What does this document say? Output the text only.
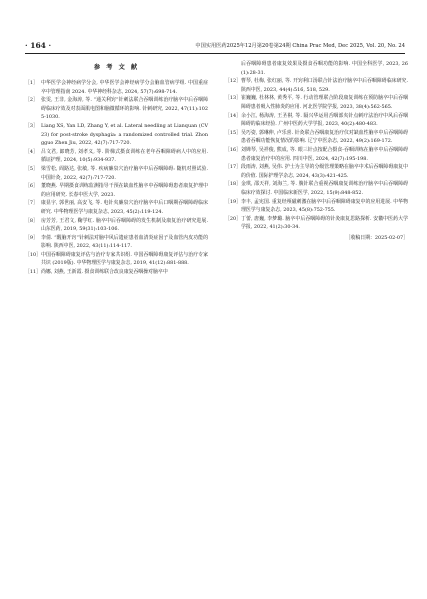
· 164 ·	中国实用医药2025年12月第20卷第24期 China Prac Med, Dec 2025, Vol. 20, No. 24
参 考 文 献
［1］ 中华医学会神经病学分会, 中华医学会神经病学分会脑血管病学组. 中国重症卒中管理指南 2024. 中华神经科杂志, 2024, 57(7):698-714.
［2］ 张雯, 王非, 金海涛, 等. “通关利窍”针刺法联合吞咽训练治疗脑卒中后吞咽障碍临床疗效及对表面肌电图和脑微循环的影响. 针刺研究, 2022, 47(11):1025-1030.
［3］ Liang XS, Yan LD, Zhang Y, et al. Lateral needling at Lianquan (CV 23) for post-stroke dysphagia: a randomized controlled trial. Zhongguo Zhen Jiu, 2022, 42(7):717-720.
［4］ 吕文君, 郎晓芳, 刘孝义, 等. 阶梯式摄食训练在老年吞咽障碍病人中的应用. 循证护理, 2024, 10(5):934-937.
［5］ 梁雪松, 阎路达, 张敏, 等. 疾病廉泉穴治疗脑卒中后吞咽障碍: 随机对照试验. 中国针灸, 2022, 42(7):717-720.
［6］ 董晓燕. 早期摄食训练监测指导干预在缺血性脑卒中吞咽障碍患者康复护理中的应用研究. 长春中医大学, 2023.
［7］ 康显宇, 郭世丽, 高安飞, 等. 电针夹廉泉穴治疗脑卒中后口咽期吞咽障碍临床研究. 中华物理医学与康复杂志, 2023, 45(2):119-124.
［8］ 房芳芳, 王君文, 鞠学红. 脑卒中后吞咽障碍的发生机制及康复治疗研究进展. 山东医药, 2019, 59(31):103-106.
［9］ 李倩. “醒脑开窍”针刺法对脑中风后遗症患者血清炎症因子及血管内皮功能的影响. 陕西中医, 2022, 43(11):114-117.
［10］ 中国吞咽障碍康复评估与治疗专家共识组. 中国吞咽障碍康复评估与治疗专家共识 (2019版). 中华物理医学与康复杂志, 2019, 41(12):881-888.
［11］ 尚娜, 刘燕, 王新霞. 摄食训练联合改良康复吞咽操对脑卒中
后吞咽障碍患者康复效果及摄食吞咽功能的影响. 中国全科医学, 2023, 26(1):28-31.
［12］ 曹琴, 杜梅, 张红丽, 等. 开窍利口汤联合针法治疗脑卒中后吞咽障碍临床研究. 陕西中医, 2023, 44(4):516, 518, 529.
［13］ 崔巍巍, 杜林林, 黄秀平, 等. 行动管理联合阶段康复训练在预防脑卒中后吞咽障碍患者吸入性肺炎的应用. 河北医学院学报, 2023, 38(4):562-565.
［14］ 余小江, 杨海涛, 王圣祺, 等. 隔兴华运用舌咽部夹针点刺疗法治疗中风后吞咽障碍的临床经验. 广州中医药大学学报, 2023, 40(2):480-483.
［15］ 吴巧姿, 郭琳伸, 卢乐喜. 针灸联合吞咽康复治疗仪对缺血性脑卒中后吞咽障碍患者吞咽功能恢复情况的影响. 辽宁中医杂志, 2022, 49(2):169-172.
［16］ 刘婵琴, 吴祥俊, 熊成, 等. 眼三针点按配合摄食-吞咽训练在脑卒中后吞咽障碍患者康复治疗中的应用. 四川中医, 2024, 42(7):195-198.
［17］ 段雨涛, 刘燕, 吴伟. 护士为主导的分级管理策略在脑卒中术后吞咽障碍康复中的价值. 国际护理学杂志, 2024, 43(3):421-425.
［18］ 金琪, 邵天祥, 刘海兰, 等. 腹针联合重视吞咽康复训练治疗脑卒中后吞咽障碍临床疗效探讨. 中国临床新医学, 2022, 15(9):848-852.
［19］ 李丰, 孟宪国. 重复经颅磁刺激在脑卒中后吞咽障碍康复中的应用进展. 中华物理医学与康复杂志, 2023, 45(8):752-755.
［20］ 丁蕾, 唐巍, 李梦璐. 脑卒中后吞咽障碍的针灸康复思路探析. 安徽中医药大学学报, 2022, 41(2):30-34.
［收稿日期：2025-02-07］
